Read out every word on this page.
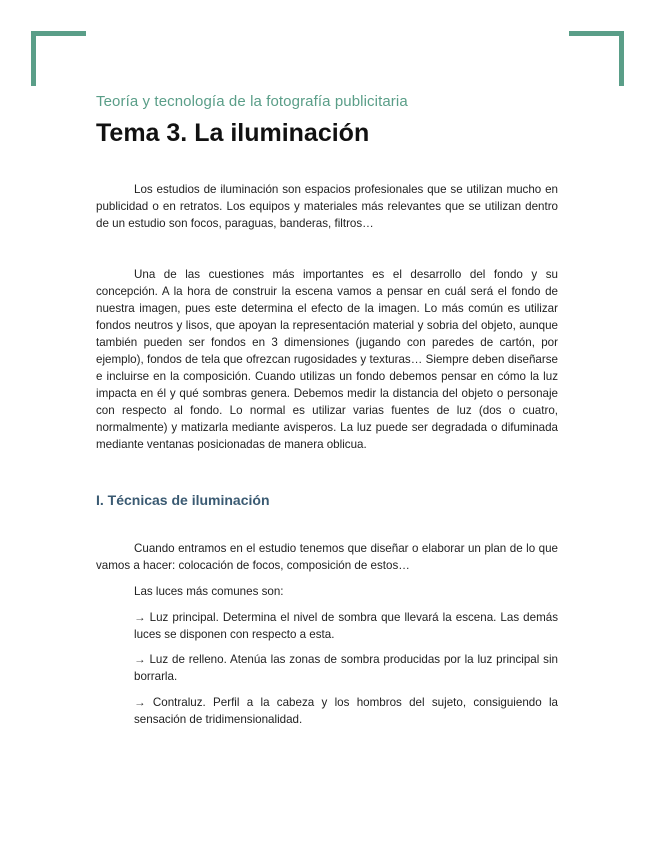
Teoría y tecnología de la fotografía publicitaria
Tema 3. La iluminación

Los estudios de iluminación son espacios profesionales que se utilizan mucho en publicidad o en retratos. Los equipos y materiales más relevantes que se utilizan dentro de un estudio son focos, paraguas, banderas, filtros…

Una de las cuestiones más importantes es el desarrollo del fondo y su concepción. A la hora de construir la escena vamos a pensar en cuál será el fondo de nuestra imagen, pues este determina el efecto de la imagen. Lo más común es utilizar fondos neutros y lisos, que apoyan la representación material y sobria del objeto, aunque también pueden ser fondos en 3 dimensiones (jugando con paredes de cartón, por ejemplo), fondos de tela que ofrezcan rugosidades y texturas… Siempre deben diseñarse e incluirse en la composición. Cuando utilizas un fondo debemos pensar en cómo la luz impacta en él y qué sombras genera. Debemos medir la distancia del objeto o personaje con respecto al fondo. Lo normal es utilizar varias fuentes de luz (dos o cuatro, normalmente) y matizarla mediante avisperos. La luz puede ser degradada o difuminada mediante ventanas posicionadas de manera oblicua.

I. Técnicas de iluminación

Cuando entramos en el estudio tenemos que diseñar o elaborar un plan de lo que vamos a hacer: colocación de focos, composición de estos…

Las luces más comunes son:

→ Luz principal. Determina el nivel de sombra que llevará la escena. Las demás luces se disponen con respecto a esta.

→ Luz de relleno. Atenúa las zonas de sombra producidas por la luz principal sin borrarla.

→ Contraluz. Perfil a la cabeza y los hombros del sujeto, consiguiendo la sensación de tridimensionalidad.
